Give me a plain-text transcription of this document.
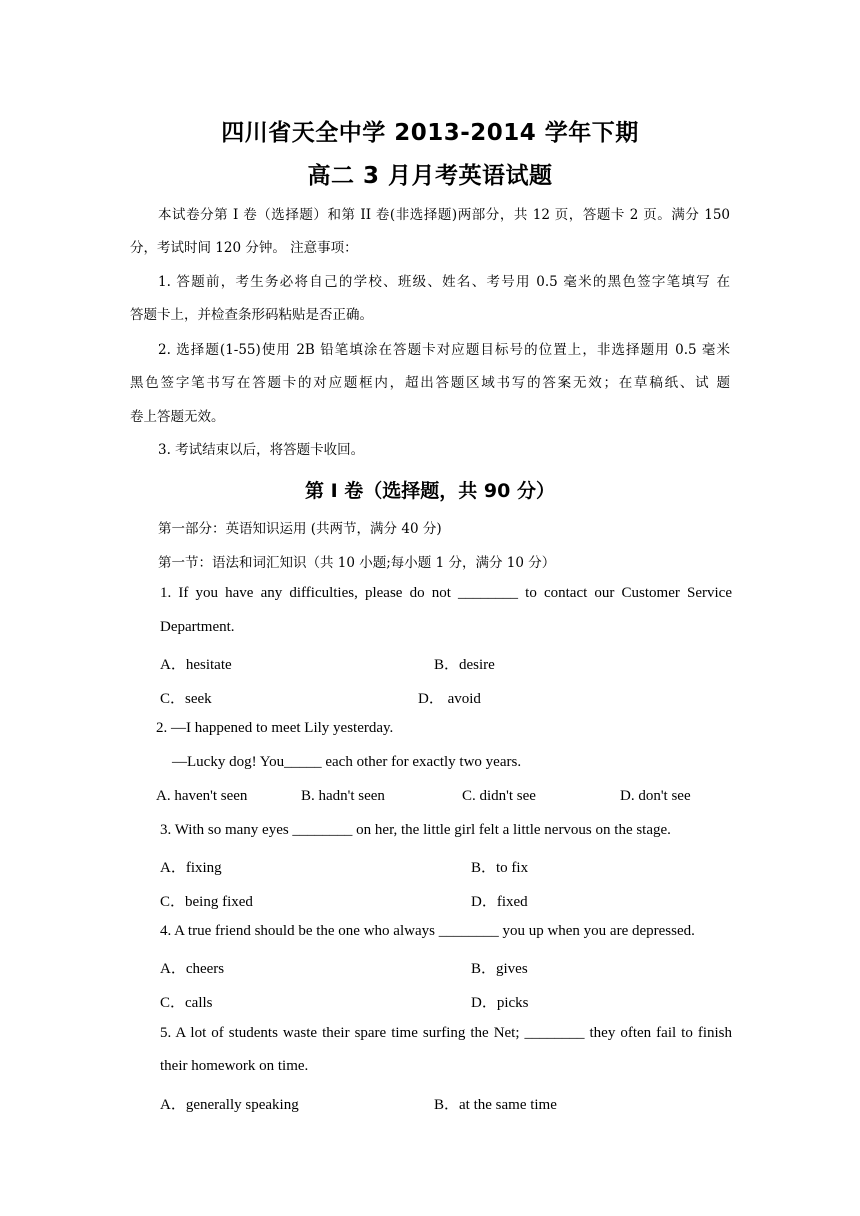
四川省天全中学 2013-2014 学年下期
高二 3 月月考英语试题
本试卷分第 I 卷（选择题）和第 II 卷(非选择题)两部分，共 12 页，答题卡 2 页。满分 150
分，考试时间 120 分钟。 注意事项：
1. 答题前，考生务必将自己的学校、班级、姓名、考号用 0.5 毫米的黑色签字笔填写 在
答题卡上，并检查条形码粘贴是否正确。
2. 选择题(1-55)使用 2B 铅笔填涂在答题卡对应题目标号的位置上，非选择题用 0.5 毫米
黑色签字笔书写在答题卡的对应题框内，超出答题区域书写的答案无效；在草稿纸、试 题
卷上答题无效。
3. 考试结束以后，将答题卡收回。
第 I 卷（选择题，共 90 分）
第一部分：英语知识运用 (共两节，满分 40 分)
第一节：语法和词汇知识（共 10 小题;每小题 1 分，满分 10 分）
1. If you have any difficulties, please do not ________ to contact our Customer Service
Department.
A．hesitate	B．desire
C．seek	D． avoid
2. —I happened to meet Lily yesterday.
—Lucky dog! You_____ each other for exactly two years.
A. haven't seen	B. hadn't seen	C. didn't see	D. don't see
3. With so many eyes ________ on her, the little girl felt a little nervous on the stage.
A．fixing	B．to fix
C．being fixed	D．fixed
4. A true friend should be the one who always ________ you up when you are depressed.
A．cheers	B．gives
C．calls	D．picks
5. A lot of students waste their spare time surfing the Net; ________ they often fail to finish
their homework on time.
A．generally speaking	B．at the same time
